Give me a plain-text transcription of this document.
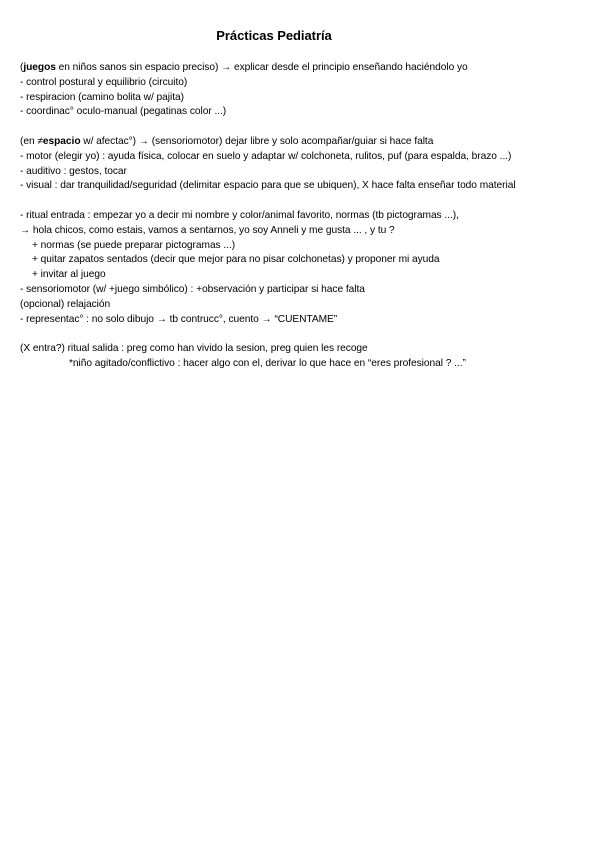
Prácticas Pediatría

(juegos en niños sanos sin espacio preciso) → explicar desde el principio enseñando haciéndolo yo

- control postural y equilibrio (circuito)

- respiracion (camino bolita w/ pajita)

- coordinac° oculo-manual (pegatinas color ...)

(en ≠espacio w/ afectac°) → (sensoriomotor) dejar libre y solo acompañar/guiar si hace falta

- motor (elegir yo) : ayuda física, colocar en suelo y adaptar w/ colchoneta, rulitos, puf (para espalda, brazo ...)

- auditivo : gestos, tocar

- visual : dar tranquilidad/seguridad (delimitar espacio para que se ubiquen), X hace falta enseñar todo material

- ritual entrada : empezar yo a decir mi nombre y color/animal favorito, normas (tb pictogramas ...),

→ hola chicos, como estais, vamos a sentarnos, yo soy Anneli y me gusta ... , y tu ?

+ normas (se puede preparar pictogramas ...)

+ quitar zapatos sentados (decir que mejor para no pisar colchonetas) y proponer mi ayuda

+ invitar al juego

- sensoriomotor (w/ +juego simbólico) : +observación y participar si hace falta

(opcional) relajación

- representac° : no solo dibujo → tb contrucc°, cuento → “CUENTAME”

(X entra?) ritual salida : preg como han vivido la sesion, preg quien les recoge

*niño agitado/conflictivo : hacer algo con el, derivar lo que hace en “eres profesional ? ...”
